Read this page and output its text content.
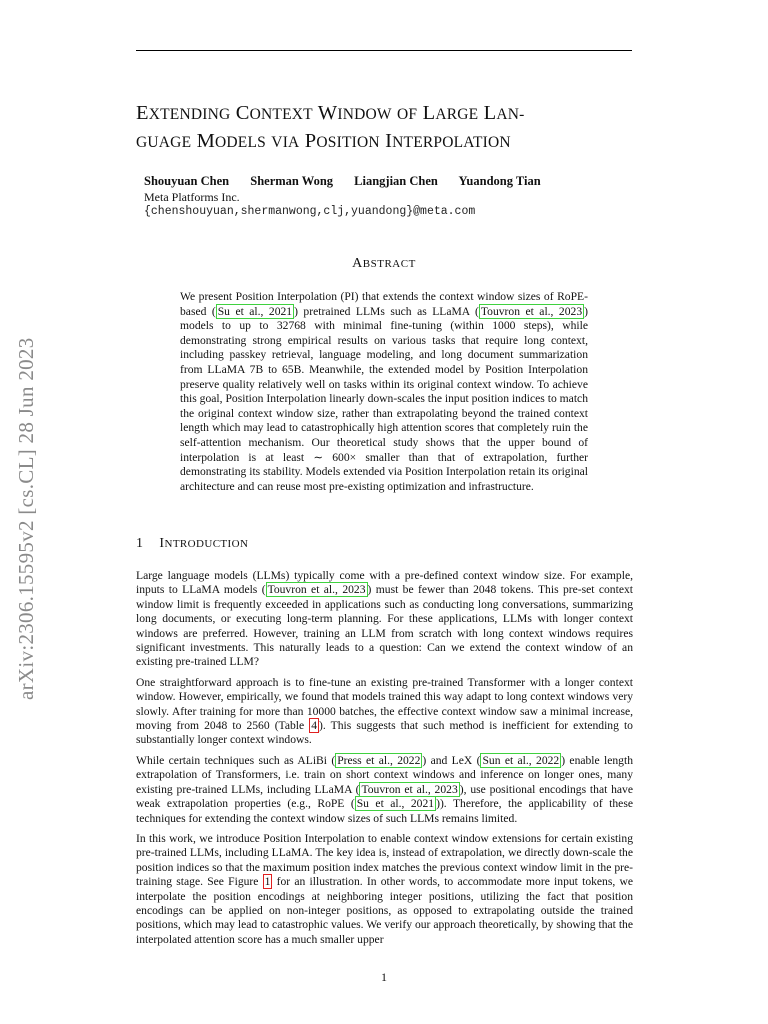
arXiv:2306.15595v2 [cs.CL] 28 Jun 2023
EXTENDING CONTEXT WINDOW OF LARGE LAN-
GUAGE MODELS VIA POSITION INTERPOLATION
Shouyuan Chen Sherman Wong Liangjian Chen Yuandong Tian
Meta Platforms Inc.
{chenshouyuan,shermanwong,clj,yuandong}@meta.com
ABSTRACT
We present Position Interpolation (PI) that extends the context window sizes of RoPE-based ( Su et al., 2021 ) pretrained LLMs such as LLaMA ( Touvron et al., 2023 ) models to up to 32768 with minimal fine-tuning (within 1000 steps), while demonstrating strong empirical results on various tasks that require long context, including passkey retrieval, language modeling, and long document summarization from LLaMA 7B to 65B. Meanwhile, the extended model by Position Interpolation preserve quality relatively well on tasks within its original context window. To achieve this goal, Position Interpolation linearly down-scales the input position indices to match the original context window size, rather than extrapolating beyond the trained context length which may lead to catastrophically high attention scores that completely ruin the self-attention mechanism. Our theoretical study shows that the upper bound of interpolation is at least ∼ 600× smaller than that of extrapolation, further demonstrating its stability. Models extended via Position Interpolation retain its original architecture and can reuse most pre-existing optimization and infrastructure.
1 INTRODUCTION

Large language models (LLMs) typically come with a pre-defined context window size. For example, inputs to LLaMA models ( Touvron et al., 2023 ) must be fewer than 2048 tokens. This pre-set context window limit is frequently exceeded in applications such as conducting long conversations, summarizing long documents, or executing long-term planning. For these applications, LLMs with longer context windows are preferred. However, training an LLM from scratch with long context windows requires significant investments. This naturally leads to a question: Can we extend the context window of an existing pre-trained LLM?

One straightforward approach is to fine-tune an existing pre-trained Transformer with a longer context window. However, empirically, we found that models trained this way adapt to long context windows very slowly. After training for more than 10000 batches, the effective context window saw a minimal increase, moving from 2048 to 2560 (Table 4 ). This suggests that such method is inefficient for extending to substantially longer context windows.

While certain techniques such as ALiBi ( Press et al., 2022 ) and LeX ( Sun et al., 2022 ) enable length extrapolation of Transformers, i.e. train on short context windows and inference on longer ones, many existing pre-trained LLMs, including LLaMA ( Touvron et al., 2023 ), use positional encodings that have weak extrapolation properties (e.g., RoPE ( Su et al., 2021 )). Therefore, the applicability of these techniques for extending the context window sizes of such LLMs remains limited.

In this work, we introduce Position Interpolation to enable context window extensions for certain existing pre-trained LLMs, including LLaMA. The key idea is, instead of extrapolation, we directly down-scale the position indices so that the maximum position index matches the previous context window limit in the pre-training stage. See Figure 1 for an illustration. In other words, to accommodate more input tokens, we interpolate the position encodings at neighboring integer positions, utilizing the fact that position encodings can be applied on non-integer positions, as opposed to extrapolating outside the trained positions, which may lead to catastrophic values. We verify our approach theoretically, by showing that the interpolated attention score has a much smaller upper

1
